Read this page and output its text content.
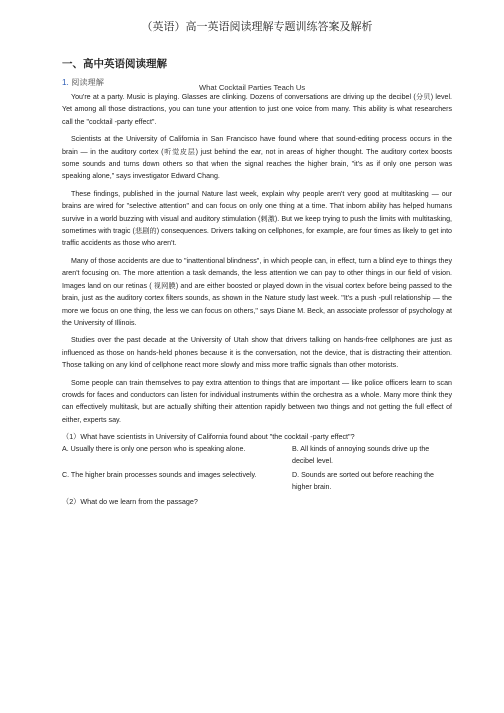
（英语）高一英语阅读理解专题训练答案及解析
一、高中英语阅读理解
1. 阅读理解
What Cocktail Parties Teach Us

You're at a party. Music is playing. Glasses are clinking. Dozens of conversations are driving up the decibel (分贝) level. Yet among all those distractions, you can tune your attention to just one voice from many. This ability is what researchers call the "cocktail -party effect".

Scientists at the University of California in San Francisco have found where that sound-editing process occurs in the brain — in the auditory cortex (听觉皮层) just behind the ear, not in areas of higher thought. The auditory cortex boosts some sounds and turns down others so that when the signal reaches the higher brain, "it's as if only one person was speaking alone," says investigator Edward Chang.

These findings, published in the journal Nature last week, explain why people aren't very good at multitasking — our brains are wired for "selective attention" and can focus on only one thing at a time. That inborn ability has helped humans survive in a world buzzing with visual and auditory stimulation (刺激). But we keep trying to push the limits with multitasking, sometimes with tragic (悲剧的) consequences. Drivers talking on cellphones, for example, are four times as likely to get into traffic accidents as those who aren't.

Many of those accidents are due to "inattentional blindness", in which people can, in effect, turn a blind eye to things they aren't focusing on. The more attention a task demands, the less attention we can pay to other things in our field of vision. Images land on our retinas ( 视网膜) and are either boosted or played down in the visual cortex before being passed to the brain, just as the auditory cortex filters sounds, as shown in the Nature study last week. "It's a push -pull relationship — the more we focus on one thing, the less we can focus on others," says Diane M. Beck, an associate professor of psychology at the University of Illinois.

Studies over the past decade at the University of Utah show that drivers talking on hands-free cellphones are just as influenced as those on hands-held phones because it is the conversation, not the device, that is distracting their attention. Those talking on any kind of cellphone react more slowly and miss more traffic signals than other motorists.

Some people can train themselves to pay extra attention to things that are important — like police officers learn to scan crowds for faces and conductors can listen for individual instruments within the orchestra as a whole. Many more think they can effectively multitask, but are actually shifting their attention rapidly between two things and not getting the full effect of either, experts say.

（1）What have scientists in University of California found about "the cocktail -party effect"?
A. Usually there is only one person who is speaking alone.	B. All kinds of annoying sounds drive up the decibel level.
C. The higher brain processes sounds and images selectively.	D. Sounds are sorted out before reaching the higher brain.
（2）What do we learn from the passage?
